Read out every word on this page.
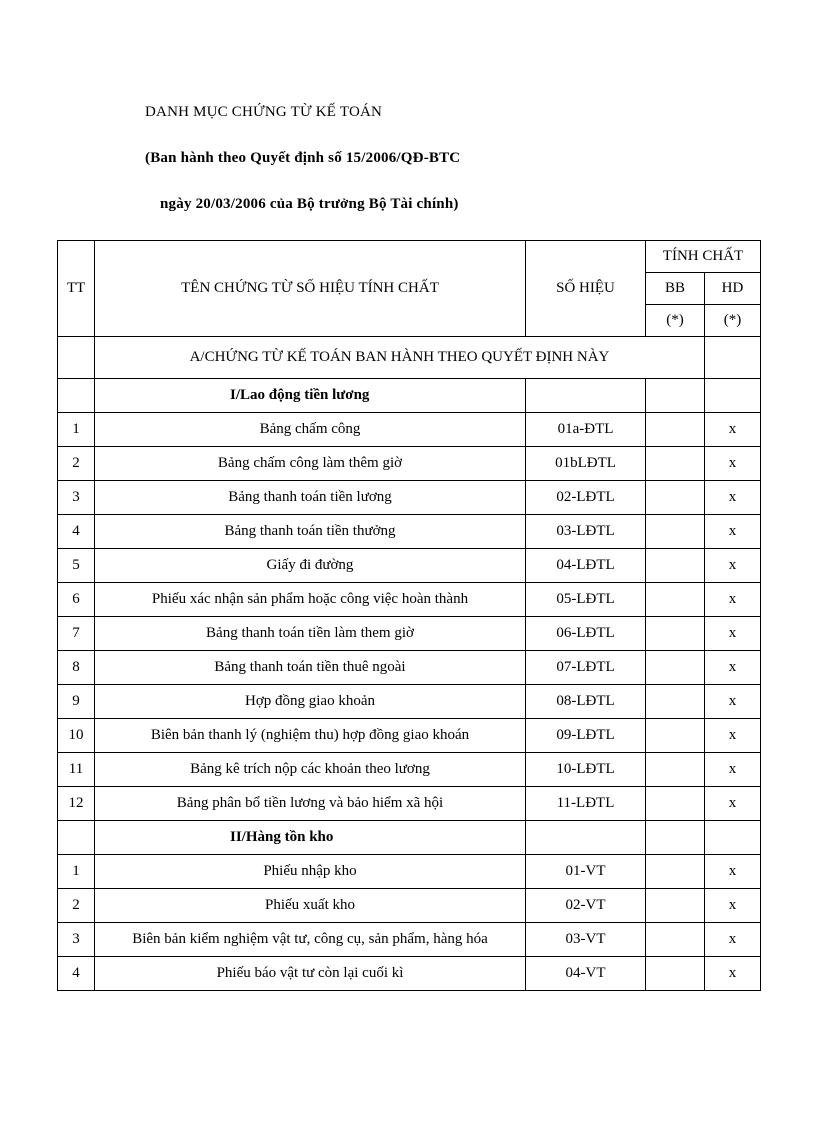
DANH MỤC CHỨNG TỪ KẾ TOÁN
(Ban hành theo Quyết định số 15/2006/QĐ-BTC
ngày 20/03/2006 của Bộ trưởng Bộ Tài chính)
TT	TÊN CHỨNG TỪ SỐ HIỆU TÍNH CHẤT	SỐ HIỆU	TÍNH CHẤT	
			BB	HD
			(*)	(*)
	A/CHỨNG TỪ KẾ TOÁN BAN HÀNH THEO QUYẾT ĐỊNH NÀY			
	I/Lao động tiền lương			
1	Bảng chấm công	01a-ĐTL		x
2	Bảng chấm công làm thêm giờ	01bLĐTL		x
3	Bảng thanh toán tiền lương	02-LĐTL		x
4	Bảng thanh toán tiền thưởng	03-LĐTL		x
5	Giấy đi đường	04-LĐTL		x
6	Phiếu xác nhận sản phẩm hoặc công việc hoàn thành	05-LĐTL		x
7	Bảng thanh toán tiền làm them giờ	06-LĐTL		x
8	Bảng thanh toán tiền thuê ngoài	07-LĐTL		x
9	Hợp đồng giao khoản	08-LĐTL		x
10	Biên bản thanh lý (nghiệm thu) hợp đồng giao khoán	09-LĐTL		x
11	Bảng kê trích nộp các khoản theo lương	10-LĐTL		x
12	Bảng phân bổ tiền lương và bảo hiểm xã hội	11-LĐTL		x
	II/Hàng tồn kho			
1	Phiếu nhập kho	01-VT		x
2	Phiếu xuất kho	02-VT		x
3	Biên bản kiểm nghiệm vật tư, công cụ, sản phẩm, hàng hóa	03-VT		x
4	Phiếu báo vật tư còn lại cuối kì	04-VT		x
